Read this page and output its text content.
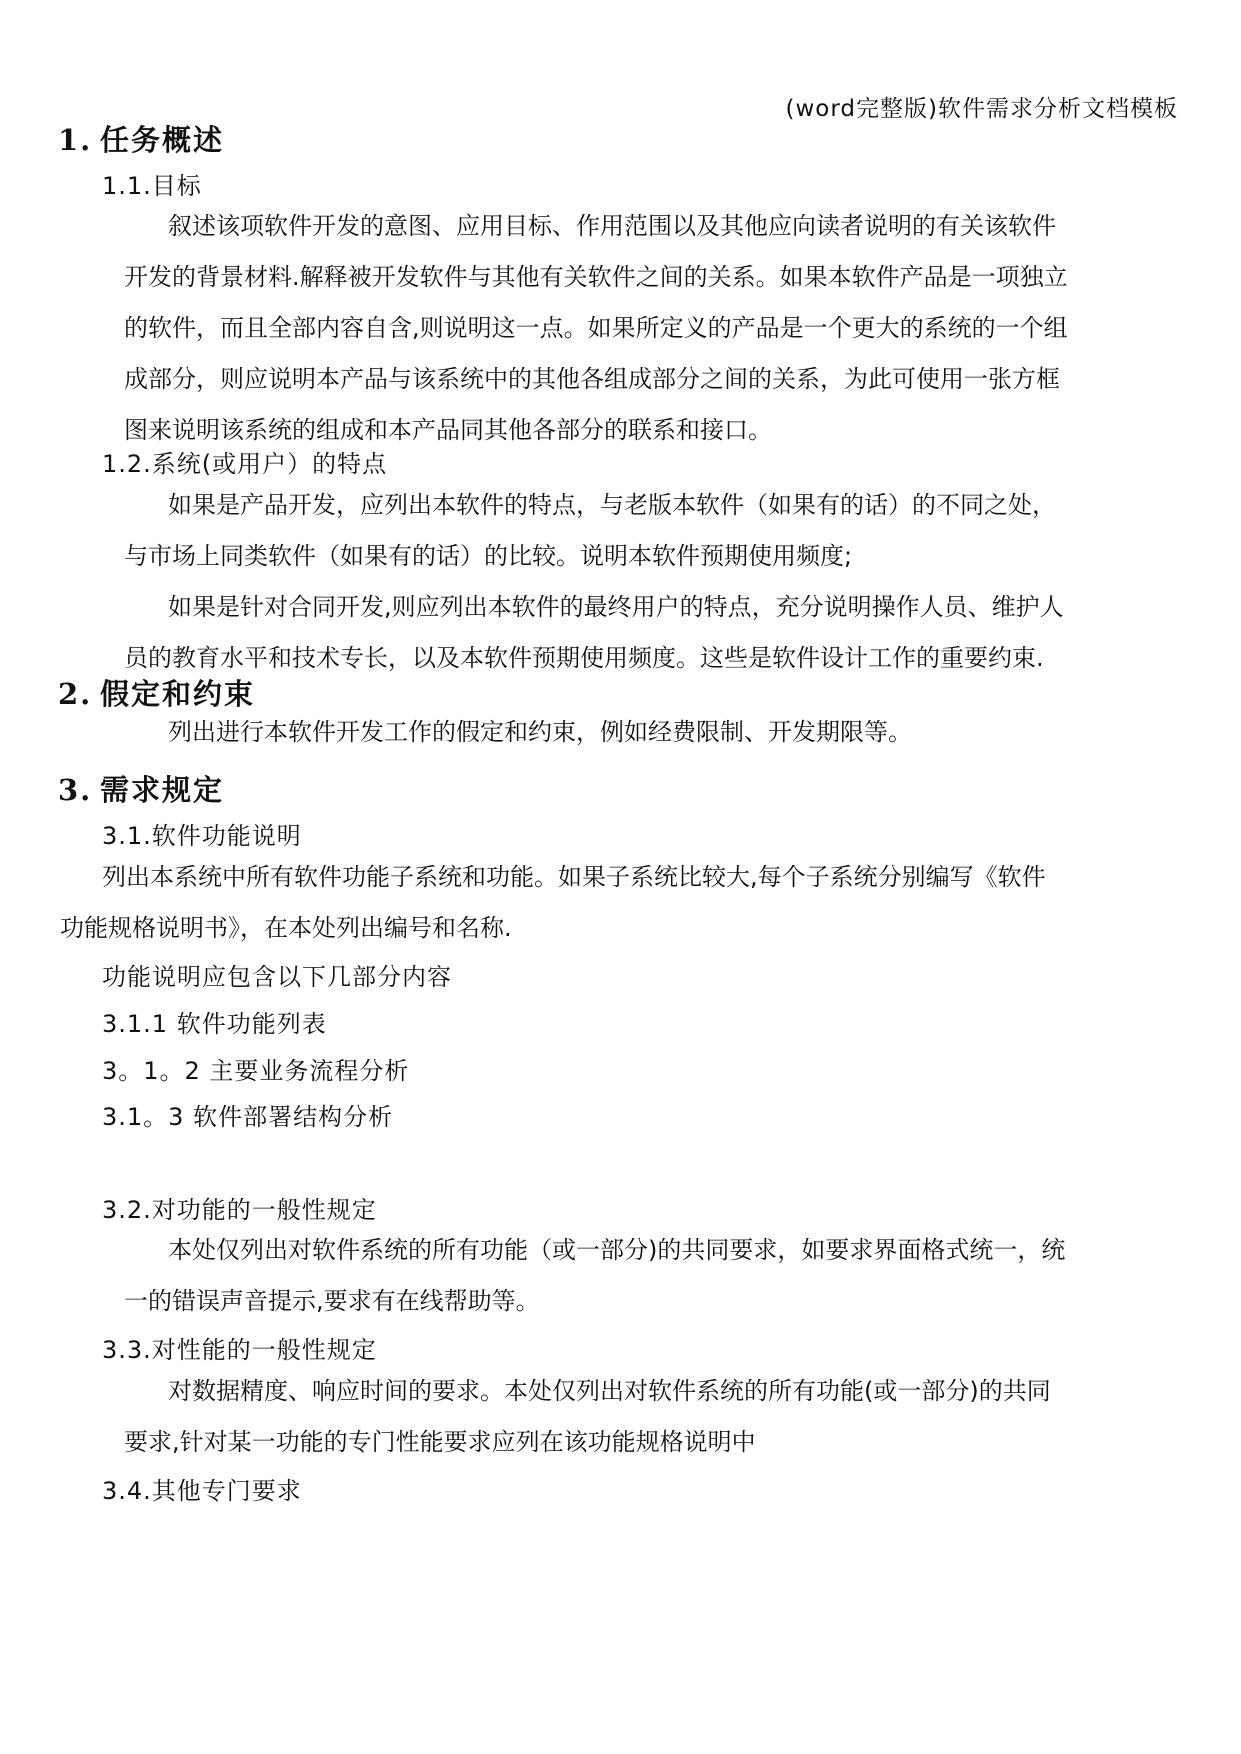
(word完整版)软件需求分析文档模板
1. 任务概述
1.1.目标
叙述该项软件开发的意图、应用目标、作用范围以及其他应向读者说明的有关该软件
开发的背景材料.解释被开发软件与其他有关软件之间的关系。如果本软件产品是一项独立
的软件，而且全部内容自含,则说明这一点。如果所定义的产品是一个更大的系统的一个组
成部分，则应说明本产品与该系统中的其他各组成部分之间的关系，为此可使用一张方框
图来说明该系统的组成和本产品同其他各部分的联系和接口。
1.2.系统(或用户）的特点
如果是产品开发，应列出本软件的特点，与老版本软件（如果有的话）的不同之处，
与市场上同类软件（如果有的话）的比较。说明本软件预期使用频度;
如果是针对合同开发,则应列出本软件的最终用户的特点，充分说明操作人员、维护人
员的教育水平和技术专长，以及本软件预期使用频度。这些是软件设计工作的重要约束.
2. 假定和约束
列出进行本软件开发工作的假定和约束，例如经费限制、开发期限等。
3. 需求规定
3.1.软件功能说明
列出本系统中所有软件功能子系统和功能。如果子系统比较大,每个子系统分别编写《软件
功能规格说明书》，在本处列出编号和名称.
功能说明应包含以下几部分内容
3.1.1 软件功能列表
3。1。2 主要业务流程分析
3.1。3 软件部署结构分析
3.2.对功能的一般性规定
本处仅列出对软件系统的所有功能（或一部分)的共同要求，如要求界面格式统一，统
一的错误声音提示,要求有在线帮助等。
3.3.对性能的一般性规定
对数据精度、响应时间的要求。本处仅列出对软件系统的所有功能(或一部分)的共同
要求,针对某一功能的专门性能要求应列在该功能规格说明中
3.4.其他专门要求
